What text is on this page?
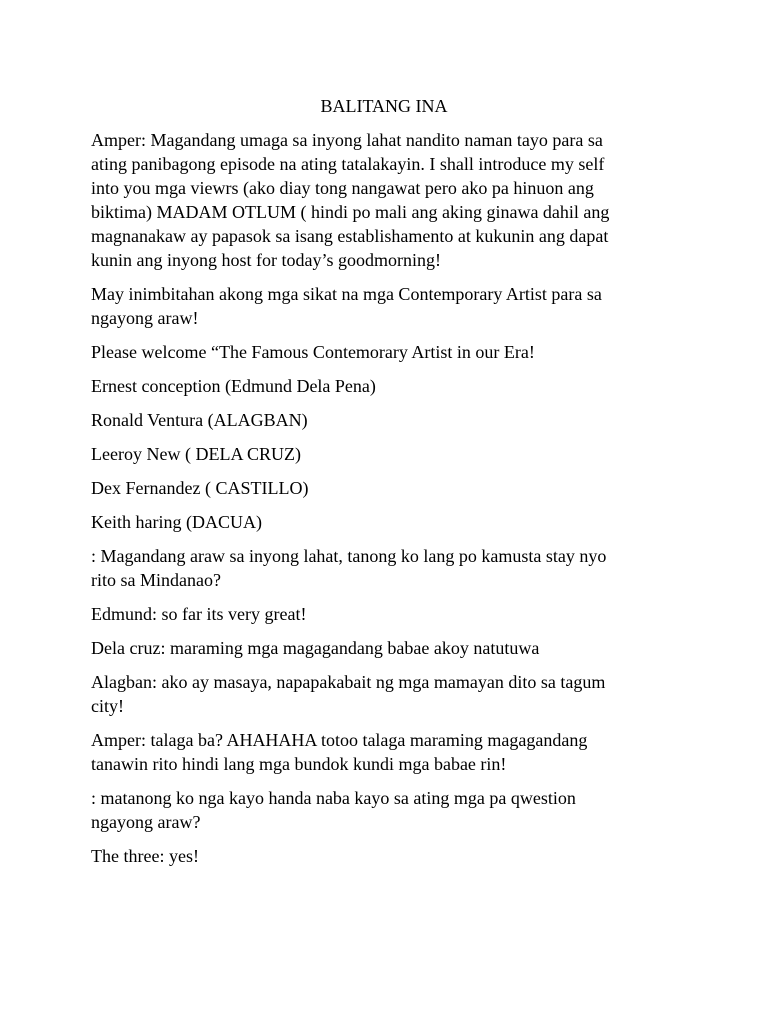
BALITANG INA

Amper: Magandang umaga sa inyong lahat nandito naman tayo para sa
ating panibagong episode na ating tatalakayin. I shall introduce my self
into you mga viewrs (ako diay tong nangawat pero ako pa hinuon ang
biktima) MADAM OTLUM ( hindi po mali ang aking ginawa dahil ang
magnanakaw ay papasok sa isang establishamento at kukunin ang dapat
kunin ang inyong host for today’s goodmorning!

May inimbitahan akong mga sikat na mga Contemporary Artist para sa
ngayong araw!

Please welcome “The Famous Contemorary Artist in our Era!

Ernest conception (Edmund Dela Pena)

Ronald Ventura (ALAGBAN)

Leeroy New ( DELA CRUZ)

Dex Fernandez ( CASTILLO)

Keith haring (DACUA)

: Magandang araw sa inyong lahat, tanong ko lang po kamusta stay nyo
rito sa Mindanao?

Edmund: so far its very great!

Dela cruz: maraming mga magagandang babae akoy natutuwa

Alagban: ako ay masaya, napapakabait ng mga mamayan dito sa tagum
city!

Amper: talaga ba? AHAHAHA totoo talaga maraming magagandang
tanawin rito hindi lang mga bundok kundi mga babae rin!

: matanong ko nga kayo handa naba kayo sa ating mga pa qwestion
ngayong araw?

The three: yes!
